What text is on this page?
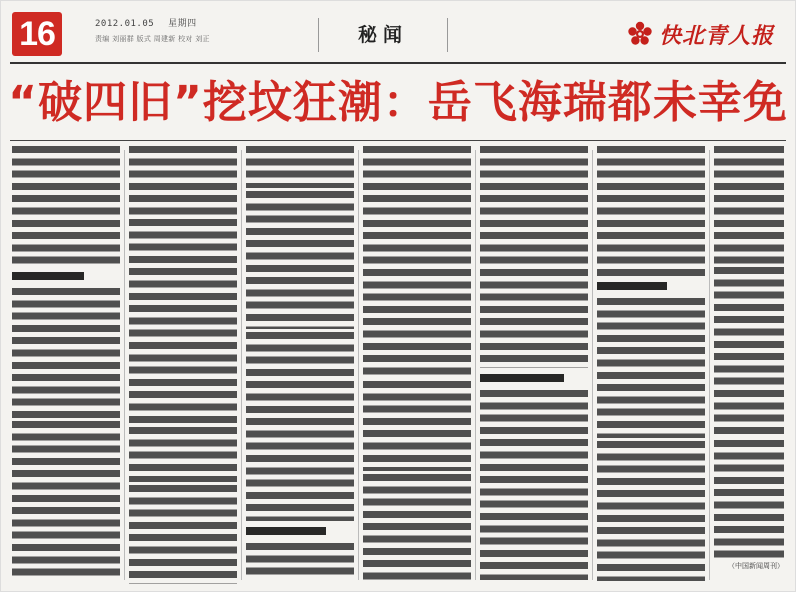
16	2012.01.05 星期四
责编 刘丽群 版式 周建新 校对 刘正	秘闻	快北青人报
“破四旧”挖坟狂潮：岳飞海瑞都未幸免

（中国新闻周刊）
